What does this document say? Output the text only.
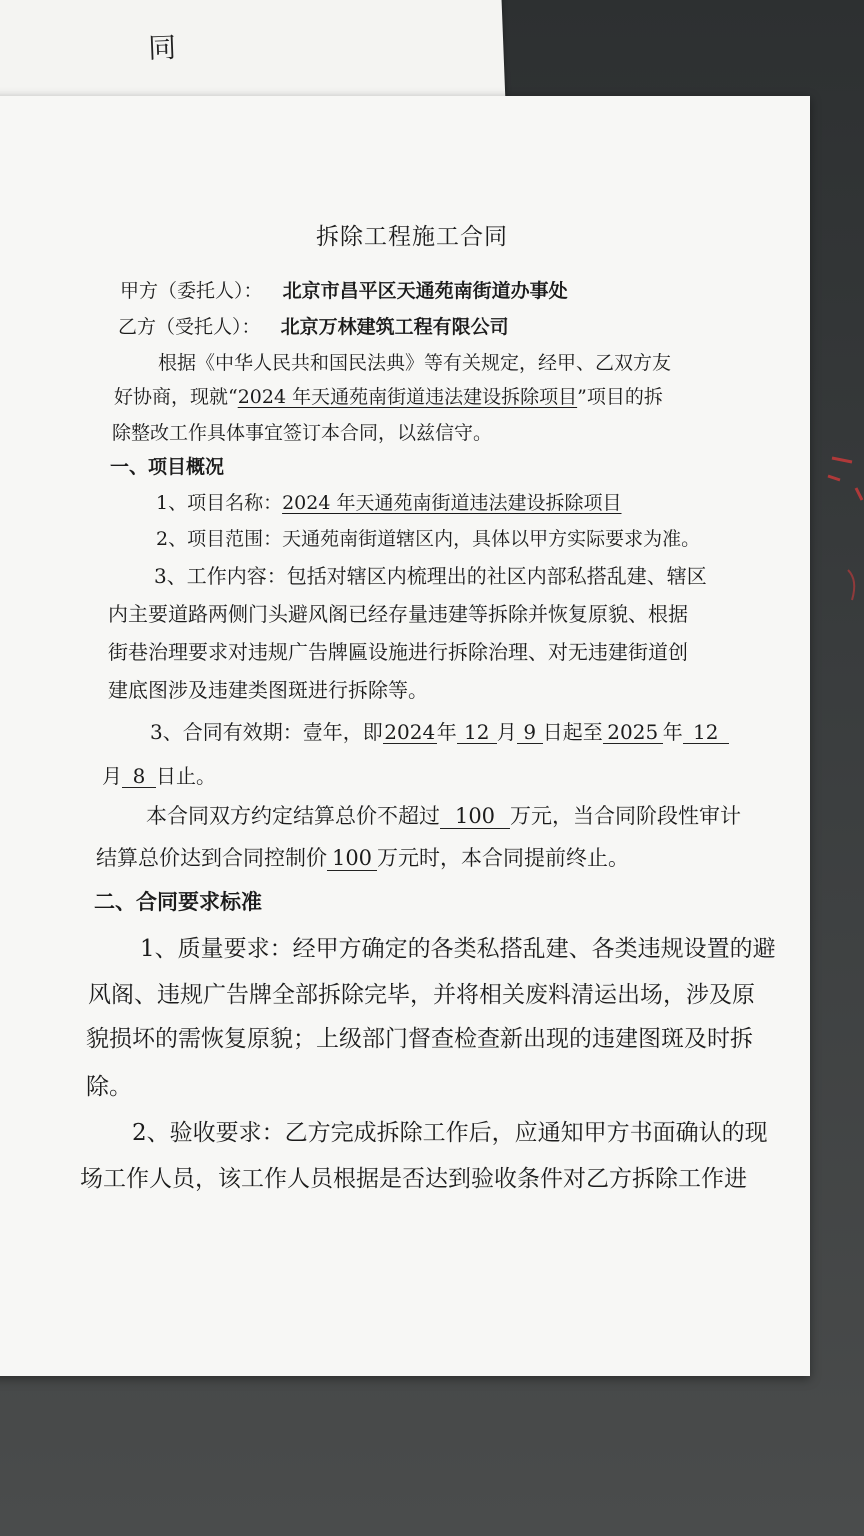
同
拆除工程施工合同
甲方（委托人）： 北京市昌平区天通苑南街道办事处
乙方（受托人）： 北京万林建筑工程有限公司
根据《中华人民共和国民法典》等有关规定，经甲、乙双方友
好协商，现就“2024 年天通苑南街道违法建设拆除项目”项目的拆
除整改工作具体事宜签订本合同，以兹信守。
一、项目概况
1、项目名称：2024 年天通苑南街道违法建设拆除项目
2、项目范围：天通苑南街道辖区内，具体以甲方实际要求为准。
3、工作内容：包括对辖区内梳理出的社区内部私搭乱建、辖区
内主要道路两侧门头避风阁已经存量违建等拆除并恢复原貌、根据
街巷治理要求对违规广告牌匾设施进行拆除治理、对无违建街道创
建底图涉及违建类图斑进行拆除等。
3、合同有效期：壹年，即2024年 12 月 9 日起至 2025 年 12
月 8 日止。
本合同双方约定结算总价不超过 100 万元，当合同阶段性审计
结算总价达到合同控制价 100 万元时，本合同提前终止。
二、合同要求标准
1、质量要求：经甲方确定的各类私搭乱建、各类违规设置的避
风阁、违规广告牌全部拆除完毕，并将相关废料清运出场，涉及原
貌损坏的需恢复原貌；上级部门督查检查新出现的违建图斑及时拆
除。
2、验收要求：乙方完成拆除工作后，应通知甲方书面确认的现
场工作人员，该工作人员根据是否达到验收条件对乙方拆除工作进
